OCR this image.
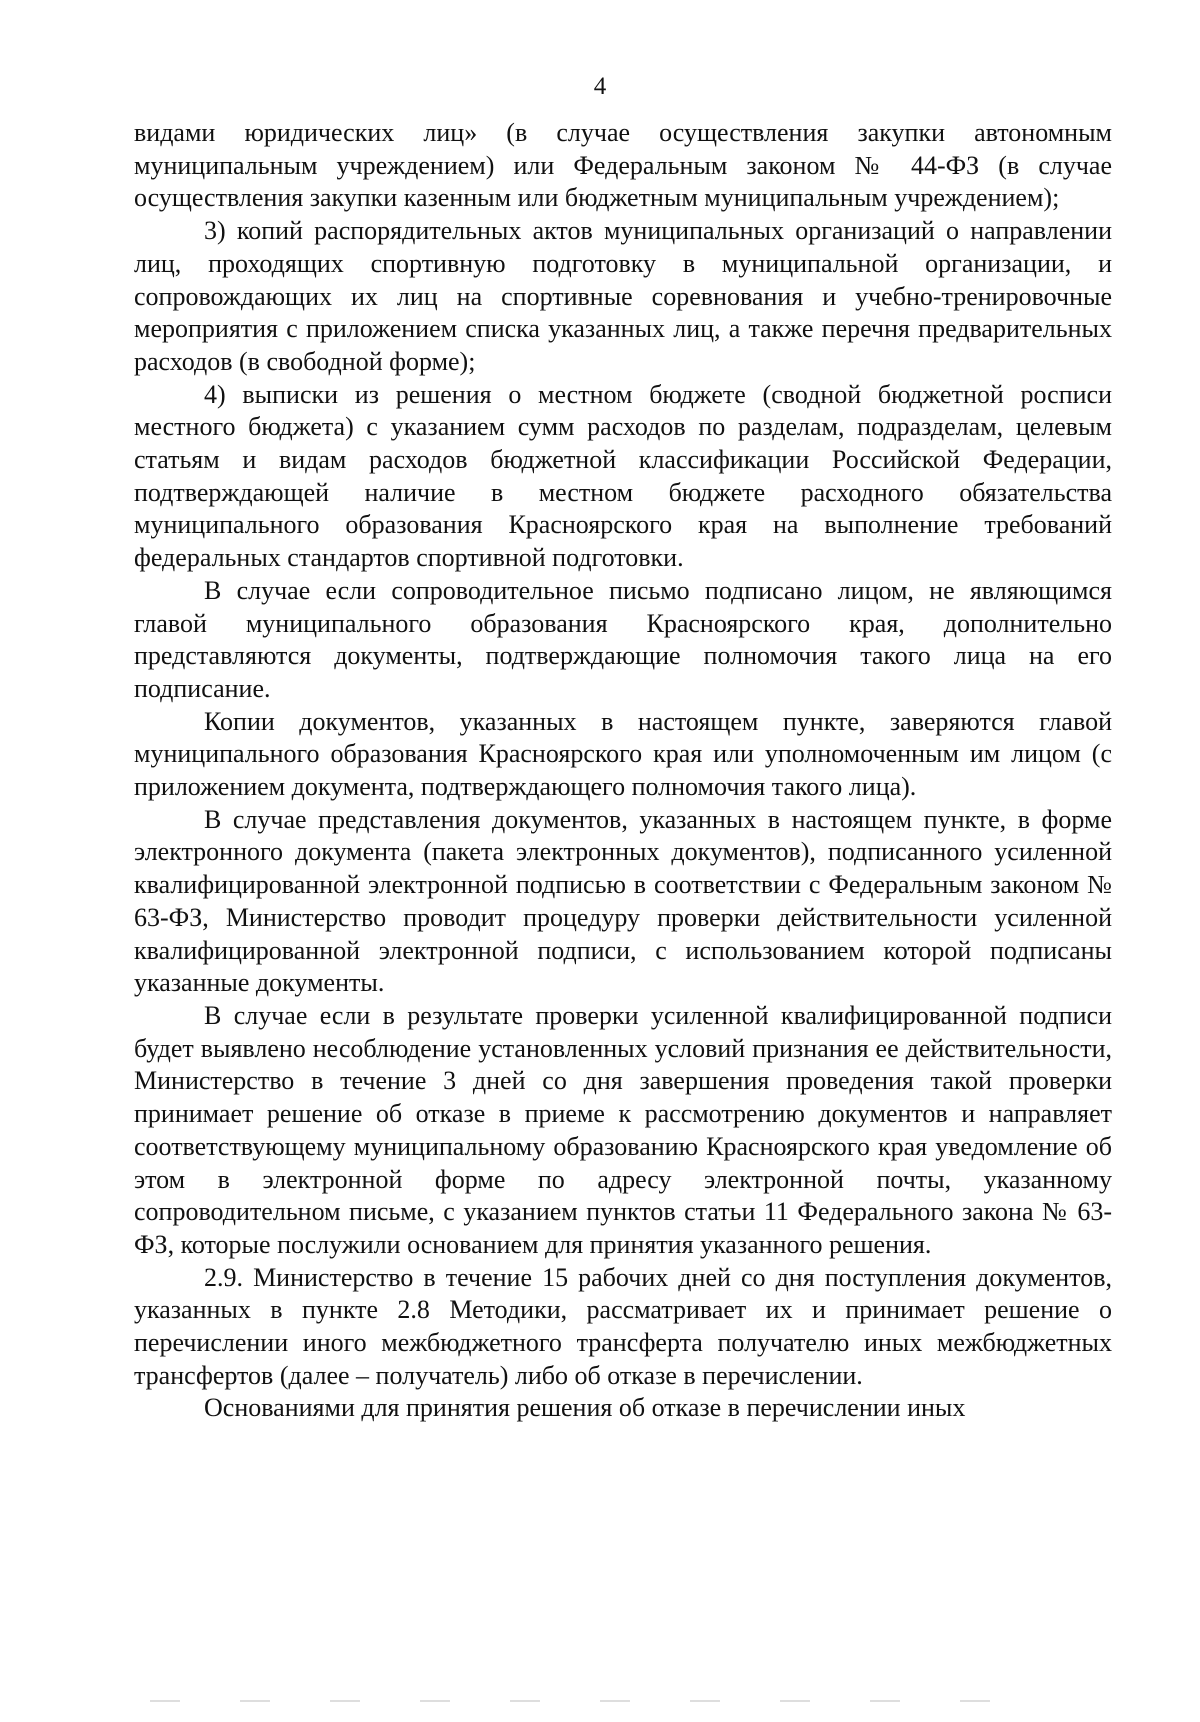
4

видами юридических лиц» (в случае осуществления закупки автономным муниципальным учреждением) или Федеральным законом № 44-ФЗ (в случае осуществления закупки казенным или бюджетным муниципальным учреждением);

3) копий распорядительных актов муниципальных организаций о направлении лиц, проходящих спортивную подготовку в муниципальной организации, и сопровождающих их лиц на спортивные соревнования и учебно-тренировочные мероприятия с приложением списка указанных лиц, а также перечня предварительных расходов (в свободной форме);

4) выписки из решения о местном бюджете (сводной бюджетной росписи местного бюджета) с указанием сумм расходов по разделам, подразделам, целевым статьям и видам расходов бюджетной классификации Российской Федерации, подтверждающей наличие в местном бюджете расходного обязательства муниципального образования Красноярского края на выполнение требований федеральных стандартов спортивной подготовки.

В случае если сопроводительное письмо подписано лицом, не являющимся главой муниципального образования Красноярского края, дополнительно представляются документы, подтверждающие полномочия такого лица на его подписание.

Копии документов, указанных в настоящем пункте, заверяются главой муниципального образования Красноярского края или уполномоченным им лицом (с приложением документа, подтверждающего полномочия такого лица).

В случае представления документов, указанных в настоящем пункте, в форме электронного документа (пакета электронных документов), подписанного усиленной квалифицированной электронной подписью в соответствии с Федеральным законом № 63-ФЗ, Министерство проводит процедуру проверки действительности усиленной квалифицированной электронной подписи, с использованием которой подписаны указанные документы.

В случае если в результате проверки усиленной квалифицированной подписи будет выявлено несоблюдение установленных условий признания ее действительности, Министерство в течение 3 дней со дня завершения проведения такой проверки принимает решение об отказе в приеме к рассмотрению документов и направляет соответствующему муниципальному образованию Красноярского края уведомление об этом в электронной форме по адресу электронной почты, указанному сопроводительном письме, с указанием пунктов статьи 11 Федерального закона № 63-ФЗ, которые послужили основанием для принятия указанного решения.

2.9. Министерство в течение 15 рабочих дней со дня поступления документов, указанных в пункте 2.8 Методики, рассматривает их и принимает решение о перечислении иного межбюджетного трансферта получателю иных межбюджетных трансфертов (далее – получатель) либо об отказе в перечислении.

Основаниями для принятия решения об отказе в перечислении иных
